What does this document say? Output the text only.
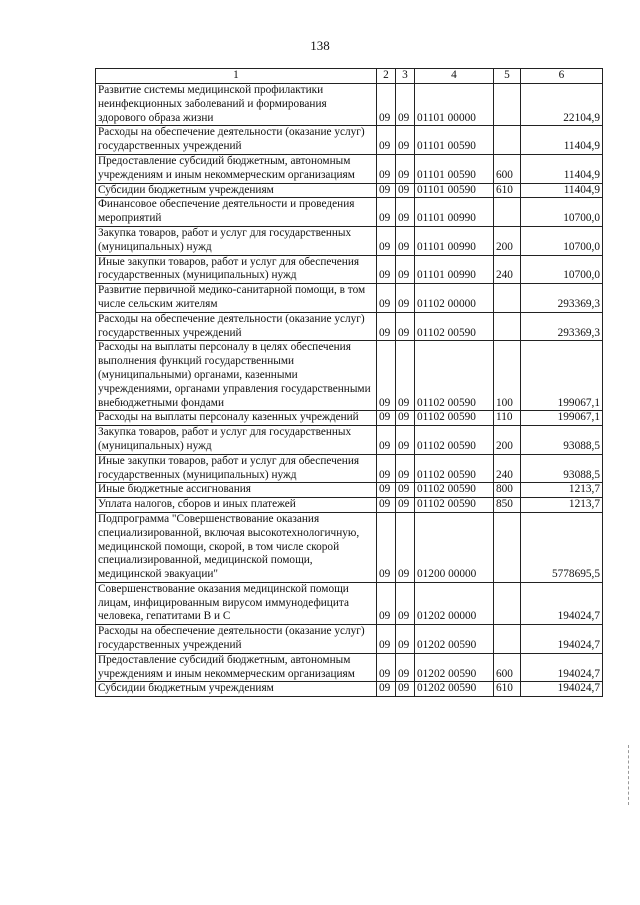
138
1	2	3	4	5	6
Развитие системы медицинской профилактики неинфекционных заболеваний и формирования здорового образа жизни	09	09	01101 00000		22104,9
Расходы на обеспечение деятельности (оказание услуг) государственных учреждений	09	09	01101 00590		11404,9
Предоставление субсидий бюджетным, автономным учреждениям и иным некоммерческим организациям	09	09	01101 00590	600	11404,9
Субсидии бюджетным учреждениям	09	09	01101 00590	610	11404,9
Финансовое обеспечение деятельности и проведения мероприятий	09	09	01101 00990		10700,0
Закупка товаров, работ и услуг для государственных (муниципальных) нужд	09	09	01101 00990	200	10700,0
Иные закупки товаров, работ и услуг для обеспечения государственных (муниципальных) нужд	09	09	01101 00990	240	10700,0
Развитие первичной медико-санитарной помощи, в том числе сельским жителям	09	09	01102 00000		293369,3
Расходы на обеспечение деятельности (оказание услуг) государственных учреждений	09	09	01102 00590		293369,3
Расходы на выплаты персоналу в целях обеспечения выполнения функций государственными (муниципальными) органами, казенными учреждениями, органами управления государственными внебюджетными фондами	09	09	01102 00590	100	199067,1
Расходы на выплаты персоналу казенных учреждений	09	09	01102 00590	110	199067,1
Закупка товаров, работ и услуг для государственных (муниципальных) нужд	09	09	01102 00590	200	93088,5
Иные закупки товаров, работ и услуг для обеспечения государственных (муниципальных) нужд	09	09	01102 00590	240	93088,5
Иные бюджетные ассигнования	09	09	01102 00590	800	1213,7
Уплата налогов, сборов и иных платежей	09	09	01102 00590	850	1213,7
Подпрограмма "Совершенствование оказания специализированной, включая высокотехнологичную, медицинской помощи, скорой, в том числе скорой специализированной, медицинской помощи, медицинской эвакуации"	09	09	01200 00000		5778695,5
Совершенствование оказания медицинской помощи лицам, инфицированным вирусом иммунодефицита человека, гепатитами В и С	09	09	01202 00000		194024,7
Расходы на обеспечение деятельности (оказание услуг) государственных учреждений	09	09	01202 00590		194024,7
Предоставление субсидий бюджетным, автономным учреждениям и иным некоммерческим организациям	09	09	01202 00590	600	194024,7
Субсидии бюджетным учреждениям	09	09	01202 00590	610	194024,7
